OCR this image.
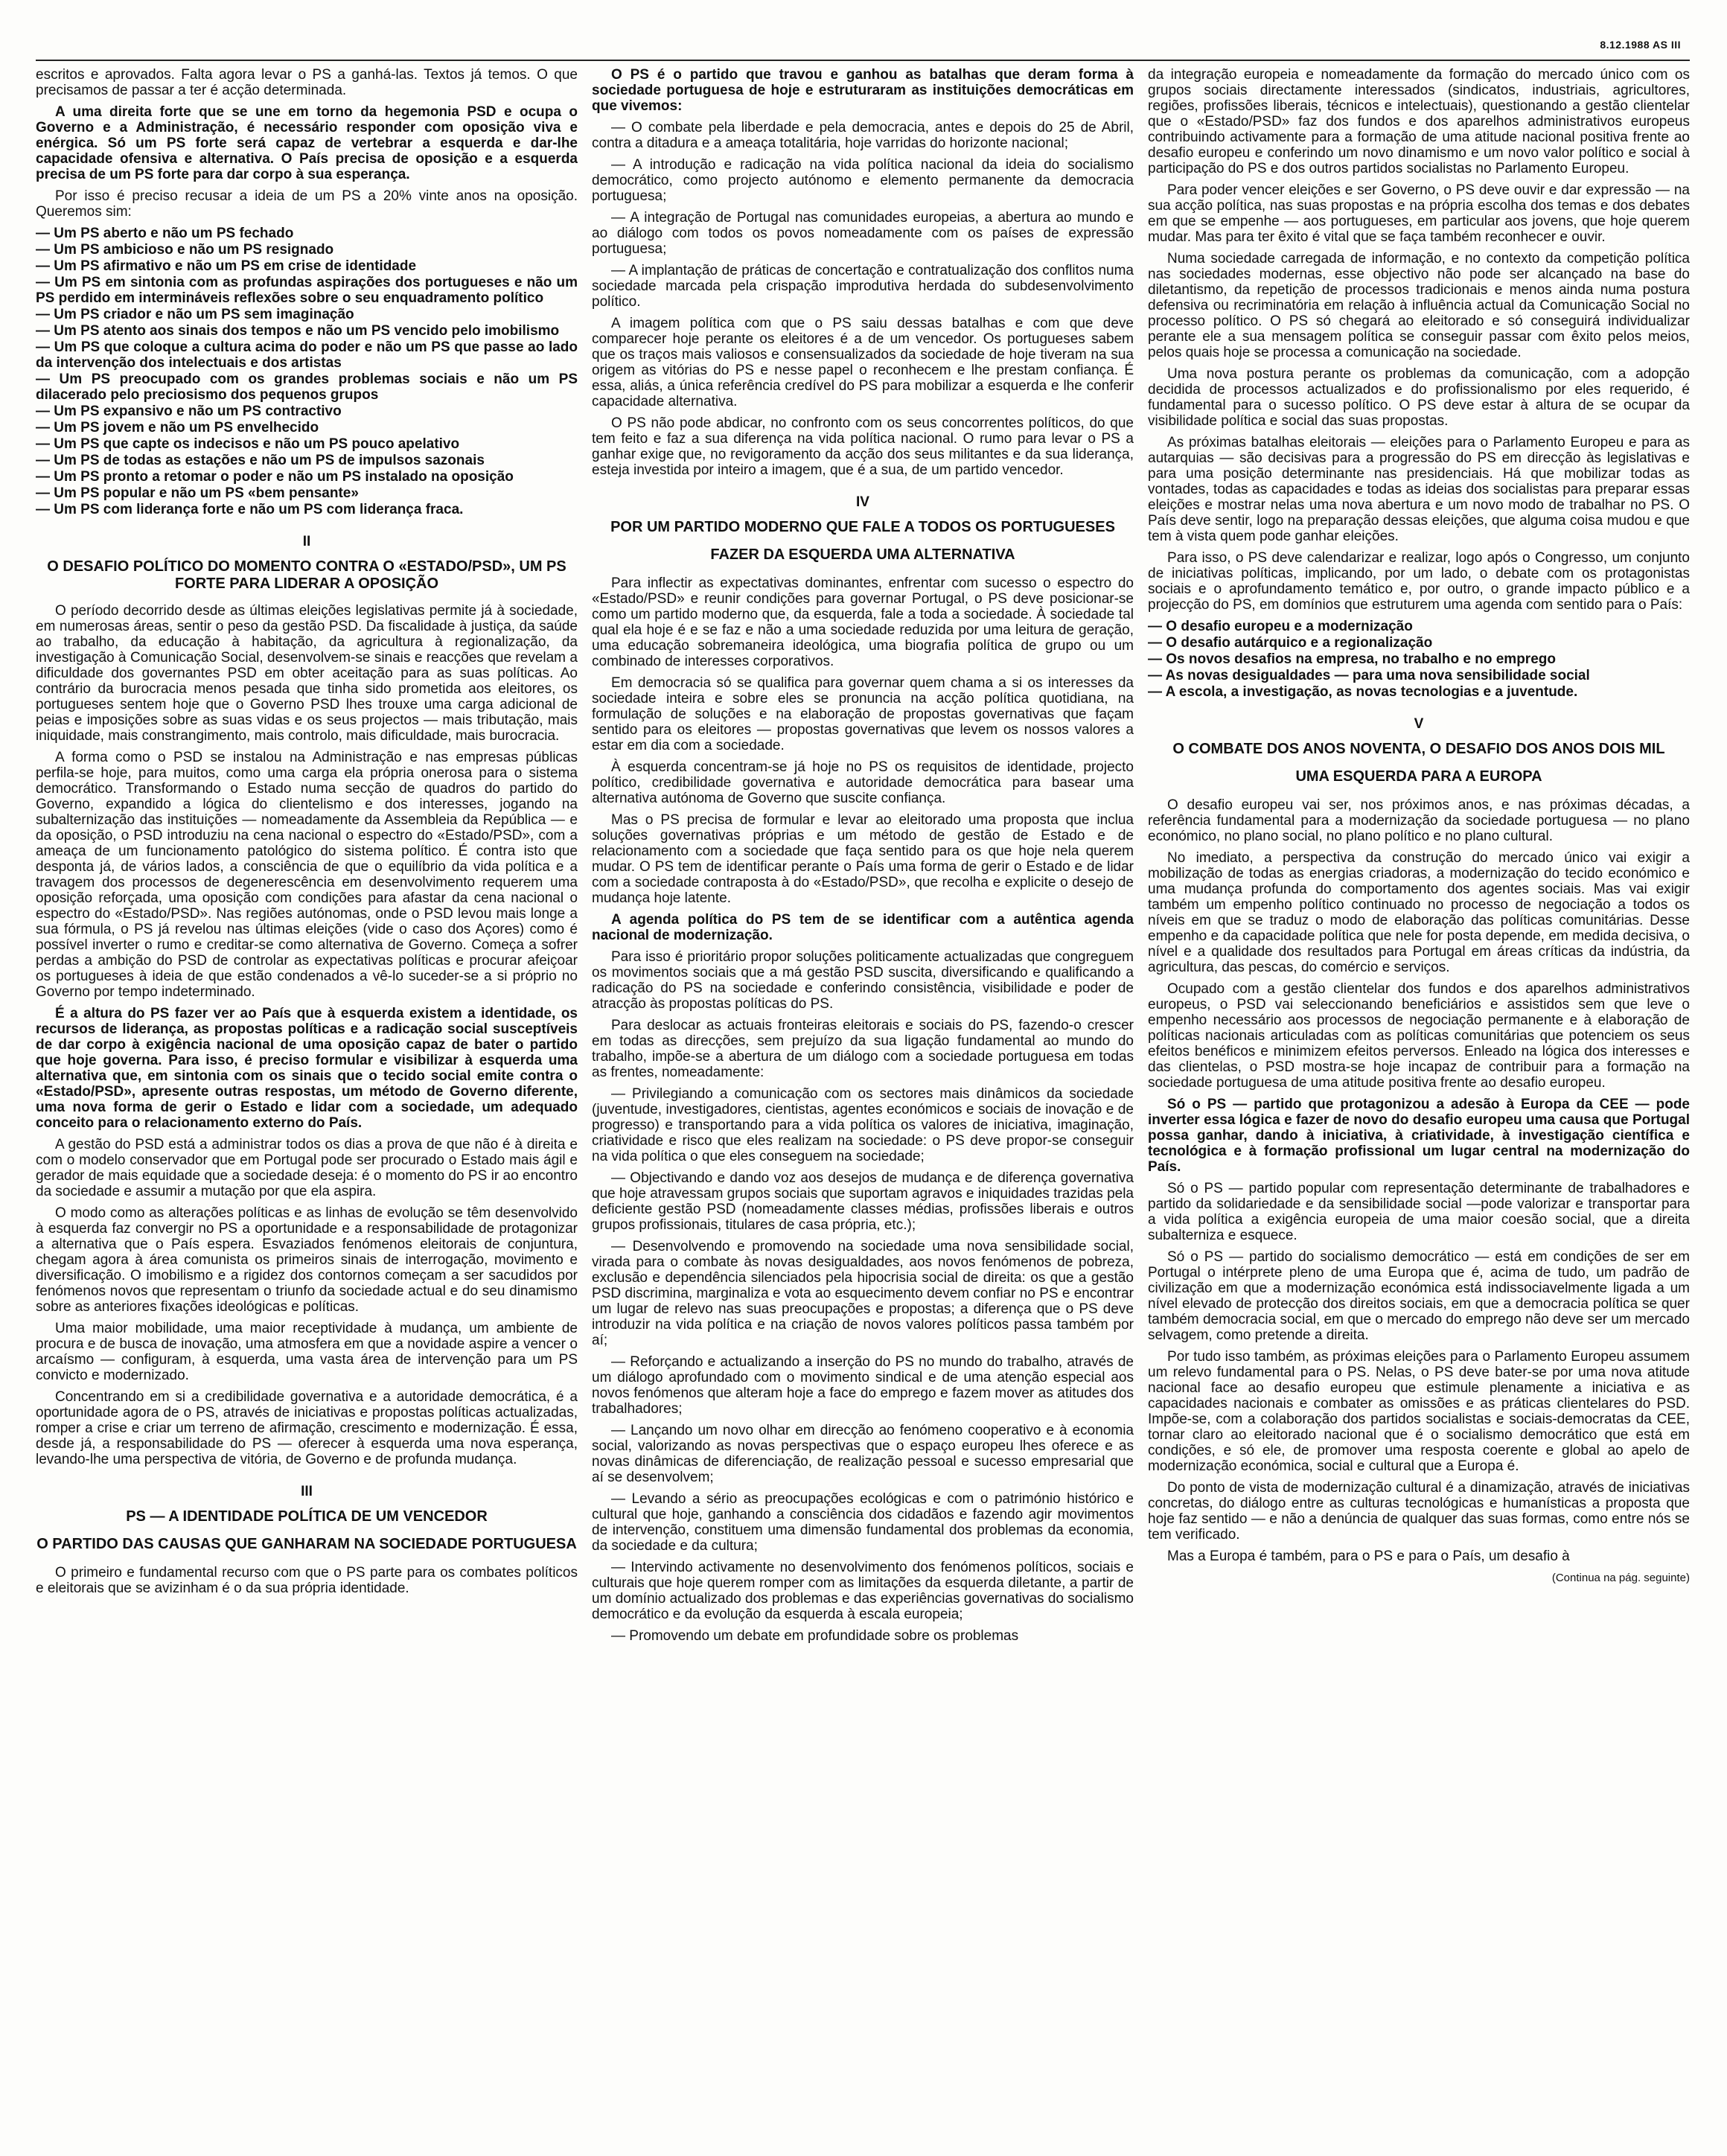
8.12.1988 AS III

escritos e aprovados. Falta agora levar o PS a ganhá-las. Textos já temos. O que precisamos de passar a ter é acção determinada.

A uma direita forte que se une em torno da hegemonia PSD e ocupa o Governo e a Administração, é necessário responder com oposição viva e enérgica. Só um PS forte será capaz de vertebrar a esquerda e dar-lhe capacidade ofensiva e alternativa. O País precisa de oposição e a esquerda precisa de um PS forte para dar corpo à sua esperança.

Por isso é preciso recusar a ideia de um PS a 20% vinte anos na oposição. Queremos sim:

— Um PS aberto e não um PS fechado

— Um PS ambicioso e não um PS resignado

— Um PS afirmativo e não um PS em crise de identidade

— Um PS em sintonia com as profundas aspirações dos portugueses e não um PS perdido em intermináveis reflexões sobre o seu enquadramento político

— Um PS criador e não um PS sem imaginação

— Um PS atento aos sinais dos tempos e não um PS vencido pelo imobilismo

— Um PS que coloque a cultura acima do poder e não um PS que passe ao lado da intervenção dos intelectuais e dos artistas

— Um PS preocupado com os grandes problemas sociais e não um PS dilacerado pelo preciosismo dos pequenos grupos

— Um PS expansivo e não um PS contractivo

— Um PS jovem e não um PS envelhecido

— Um PS que capte os indecisos e não um PS pouco apelativo

— Um PS de todas as estações e não um PS de impulsos sazonais

— Um PS pronto a retomar o poder e não um PS instalado na oposição

— Um PS popular e não um PS «bem pensante»

— Um PS com liderança forte e não um PS com liderança fraca.

II
O DESAFIO POLÍTICO DO MOMENTO CONTRA O «ESTADO/PSD», UM PS FORTE PARA LIDERAR A OPOSIÇÃO

O período decorrido desde as últimas eleições legislativas permite já à sociedade, em numerosas áreas, sentir o peso da gestão PSD. Da fiscalidade à justiça, da saúde ao trabalho, da educação à habitação, da agricultura à regionalização, da investigação à Comunicação Social, desenvolvem-se sinais e reacções que revelam a dificuldade dos governantes PSD em obter aceitação para as suas políticas. Ao contrário da burocracia menos pesada que tinha sido prometida aos eleitores, os portugueses sentem hoje que o Governo PSD lhes trouxe uma carga adicional de peias e imposições sobre as suas vidas e os seus projectos — mais tributação, mais iniquidade, mais constrangimento, mais controlo, mais dificuldade, mais burocracia.

A forma como o PSD se instalou na Administração e nas empresas públicas perfila-se hoje, para muitos, como uma carga ela própria onerosa para o sistema democrático. Transformando o Estado numa secção de quadros do partido do Governo, expandido a lógica do clientelismo e dos interesses, jogando na subalternização das instituições — nomeadamente da Assembleia da República — e da oposição, o PSD introduziu na cena nacional o espectro do «Estado/PSD», com a ameaça de um funcionamento patológico do sistema político. É contra isto que desponta já, de vários lados, a consciência de que o equilíbrio da vida política e a travagem dos processos de degenerescência em desenvolvimento requerem uma oposição reforçada, uma oposição com condições para afastar da cena nacional o espectro do «Estado/PSD». Nas regiões autónomas, onde o PSD levou mais longe a sua fórmula, o PS já revelou nas últimas eleições (vide o caso dos Açores) como é possível inverter o rumo e creditar-se como alternativa de Governo. Começa a sofrer perdas a ambição do PSD de controlar as expectativas políticas e procurar afeiçoar os portugueses à ideia de que estão condenados a vê-lo suceder-se a si próprio no Governo por tempo indeterminado.

É a altura do PS fazer ver ao País que à esquerda existem a identidade, os recursos de liderança, as propostas políticas e a radicação social susceptíveis de dar corpo à exigência nacional de uma oposição capaz de bater o partido que hoje governa. Para isso, é preciso formular e visibilizar à esquerda uma alternativa que, em sintonia com os sinais que o tecido social emite contra o «Estado/PSD», apresente outras respostas, um método de Governo diferente, uma nova forma de gerir o Estado e lidar com a sociedade, um adequado conceito para o relacionamento externo do País.

A gestão do PSD está a administrar todos os dias a prova de que não é à direita e com o modelo conservador que em Portugal pode ser procurado o Estado mais ágil e gerador de mais equidade que a sociedade deseja: é o momento do PS ir ao encontro da sociedade e assumir a mutação por que ela aspira.

O modo como as alterações políticas e as linhas de evolução se têm desenvolvido à esquerda faz convergir no PS a oportunidade e a responsabilidade de protagonizar a alternativa que o País espera. Esvaziados fenómenos eleitorais de conjuntura, chegam agora à área comunista os primeiros sinais de interrogação, movimento e diversificação. O imobilismo e a rigidez dos contornos começam a ser sacudidos por fenómenos novos que representam o triunfo da sociedade actual e do seu dinamismo sobre as anteriores fixações ideológicas e políticas.

Uma maior mobilidade, uma maior receptividade à mudança, um ambiente de procura e de busca de inovação, uma atmosfera em que a novidade aspire a vencer o arcaísmo — configuram, à esquerda, uma vasta área de intervenção para um PS convicto e modernizado.

Concentrando em si a credibilidade governativa e a autoridade democrática, é a oportunidade agora de o PS, através de iniciativas e propostas políticas actualizadas, romper a crise e criar um terreno de afirmação, crescimento e modernização. É essa, desde já, a responsabilidade do PS — oferecer à esquerda uma nova esperança, levando-lhe uma perspectiva de vitória, de Governo e de profunda mudança.

III
PS — A IDENTIDADE POLÍTICA DE UM VENCEDOR
O PARTIDO DAS CAUSAS QUE GANHARAM NA SOCIEDADE PORTUGUESA

O primeiro e fundamental recurso com que o PS parte para os combates políticos e eleitorais que se avizinham é o da sua própria identidade.

O PS é o partido que travou e ganhou as batalhas que deram forma à sociedade portuguesa de hoje e estruturaram as instituições democráticas em que vivemos:

— O combate pela liberdade e pela democracia, antes e depois do 25 de Abril, contra a ditadura e a ameaça totalitária, hoje varridas do horizonte nacional;

— A introdução e radicação na vida política nacional da ideia do socialismo democrático, como projecto autónomo e elemento permanente da democracia portuguesa;

— A integração de Portugal nas comunidades europeias, a abertura ao mundo e ao diálogo com todos os povos nomeadamente com os países de expressão portuguesa;

— A implantação de práticas de concertação e contratualização dos conflitos numa sociedade marcada pela crispação improdutiva herdada do subdesenvolvimento político.

A imagem política com que o PS saiu dessas batalhas e com que deve comparecer hoje perante os eleitores é a de um vencedor. Os portugueses sabem que os traços mais valiosos e consensualizados da sociedade de hoje tiveram na sua origem as vitórias do PS e nesse papel o reconhecem e lhe prestam confiança. É essa, aliás, a única referência credível do PS para mobilizar a esquerda e lhe conferir capacidade alternativa.

O PS não pode abdicar, no confronto com os seus concorrentes políticos, do que tem feito e faz a sua diferença na vida política nacional. O rumo para levar o PS a ganhar exige que, no revigoramento da acção dos seus militantes e da sua liderança, esteja investida por inteiro a imagem, que é a sua, de um partido vencedor.

IV
POR UM PARTIDO MODERNO QUE FALE A TODOS OS PORTUGUESES
FAZER DA ESQUERDA UMA ALTERNATIVA

Para inflectir as expectativas dominantes, enfrentar com sucesso o espectro do «Estado/PSD» e reunir condições para governar Portugal, o PS deve posicionar-se como um partido moderno que, da esquerda, fale a toda a sociedade. À sociedade tal qual ela hoje é e se faz e não a uma sociedade reduzida por uma leitura de geração, uma educação sobremaneira ideológica, uma biografia política de grupo ou um combinado de interesses corporativos.

Em democracia só se qualifica para governar quem chama a si os interesses da sociedade inteira e sobre eles se pronuncia na acção política quotidiana, na formulação de soluções e na elaboração de propostas governativas que façam sentido para os eleitores — propostas governativas que levem os nossos valores a estar em dia com a sociedade.

À esquerda concentram-se já hoje no PS os requisitos de identidade, projecto político, credibilidade governativa e autoridade democrática para basear uma alternativa autónoma de Governo que suscite confiança.

Mas o PS precisa de formular e levar ao eleitorado uma proposta que inclua soluções governativas próprias e um método de gestão de Estado e de relacionamento com a sociedade que faça sentido para os que hoje nela querem mudar. O PS tem de identificar perante o País uma forma de gerir o Estado e de lidar com a sociedade contraposta à do «Estado/PSD», que recolha e explicite o desejo de mudança hoje latente.

A agenda política do PS tem de se identificar com a autêntica agenda nacional de modernização.

Para isso é prioritário propor soluções politicamente actualizadas que congreguem os movimentos sociais que a má gestão PSD suscita, diversificando e qualificando a radicação do PS na sociedade e conferindo consistência, visibilidade e poder de atracção às propostas políticas do PS.

Para deslocar as actuais fronteiras eleitorais e sociais do PS, fazendo-o crescer em todas as direcções, sem prejuízo da sua ligação fundamental ao mundo do trabalho, impõe-se a abertura de um diálogo com a sociedade portuguesa em todas as frentes, nomeadamente:

— Privilegiando a comunicação com os sectores mais dinâmicos da sociedade (juventude, investigadores, cientistas, agentes económicos e sociais de inovação e de progresso) e transportando para a vida política os valores de iniciativa, imaginação, criatividade e risco que eles realizam na sociedade: o PS deve propor-se conseguir na vida política o que eles conseguem na sociedade;

— Objectivando e dando voz aos desejos de mudança e de diferença governativa que hoje atravessam grupos sociais que suportam agravos e iniquidades trazidas pela deficiente gestão PSD (nomeadamente classes médias, profissões liberais e outros grupos profissionais, titulares de casa própria, etc.);

— Desenvolvendo e promovendo na sociedade uma nova sensibilidade social, virada para o combate às novas desigualdades, aos novos fenómenos de pobreza, exclusão e dependência silenciados pela hipocrisia social de direita: os que a gestão PSD discrimina, marginaliza e vota ao esquecimento devem confiar no PS e encontrar um lugar de relevo nas suas preocupações e propostas; a diferença que o PS deve introduzir na vida política e na criação de novos valores políticos passa também por aí;

— Reforçando e actualizando a inserção do PS no mundo do trabalho, através de um diálogo aprofundado com o movimento sindical e de uma atenção especial aos novos fenómenos que alteram hoje a face do emprego e fazem mover as atitudes dos trabalhadores;

— Lançando um novo olhar em direcção ao fenómeno cooperativo e à economia social, valorizando as novas perspectivas que o espaço europeu lhes oferece e as novas dinâmicas de diferenciação, de realização pessoal e sucesso empresarial que aí se desenvolvem;

— Levando a sério as preocupações ecológicas e com o património histórico e cultural que hoje, ganhando a consciência dos cidadãos e fazendo agir movimentos de intervenção, constituem uma dimensão fundamental dos problemas da economia, da sociedade e da cultura;

— Intervindo activamente no desenvolvimento dos fenómenos políticos, sociais e culturais que hoje querem romper com as limitações da esquerda diletante, a partir de um domínio actualizado dos problemas e das experiências governativas do socialismo democrático e da evolução da esquerda à escala europeia;

— Promovendo um debate em profundidade sobre os problemas

da integração europeia e nomeadamente da formação do mercado único com os grupos sociais directamente interessados (sindicatos, industriais, agricultores, regiões, profissões liberais, técnicos e intelectuais), questionando a gestão clientelar que o «Estado/PSD» faz dos fundos e dos aparelhos administrativos europeus contribuindo activamente para a formação de uma atitude nacional positiva frente ao desafio europeu e conferindo um novo dinamismo e um novo valor político e social à participação do PS e dos outros partidos socialistas no Parlamento Europeu.

Para poder vencer eleições e ser Governo, o PS deve ouvir e dar expressão — na sua acção política, nas suas propostas e na própria escolha dos temas e dos debates em que se empenhe — aos portugueses, em particular aos jovens, que hoje querem mudar. Mas para ter êxito é vital que se faça também reconhecer e ouvir.

Numa sociedade carregada de informação, e no contexto da competição política nas sociedades modernas, esse objectivo não pode ser alcançado na base do diletantismo, da repetição de processos tradicionais e menos ainda numa postura defensiva ou recriminatória em relação à influência actual da Comunicação Social no processo político. O PS só chegará ao eleitorado e só conseguirá individualizar perante ele a sua mensagem política se conseguir passar com êxito pelos meios, pelos quais hoje se processa a comunicação na sociedade.

Uma nova postura perante os problemas da comunicação, com a adopção decidida de processos actualizados e do profissionalismo por eles requerido, é fundamental para o sucesso político. O PS deve estar à altura de se ocupar da visibilidade política e social das suas propostas.

As próximas batalhas eleitorais — eleições para o Parlamento Europeu e para as autarquias — são decisivas para a progressão do PS em direcção às legislativas e para uma posição determinante nas presidenciais. Há que mobilizar todas as vontades, todas as capacidades e todas as ideias dos socialistas para preparar essas eleições e mostrar nelas uma nova abertura e um novo modo de trabalhar no PS. O País deve sentir, logo na preparação dessas eleições, que alguma coisa mudou e que tem à vista quem pode ganhar eleições.

Para isso, o PS deve calendarizar e realizar, logo após o Congresso, um conjunto de iniciativas políticas, implicando, por um lado, o debate com os protagonistas sociais e o aprofundamento temático e, por outro, o grande impacto público e a projecção do PS, em domínios que estruturem uma agenda com sentido para o País:

— O desafio europeu e a modernização

— O desafio autárquico e a regionalização

— Os novos desafios na empresa, no trabalho e no emprego

— As novas desigualdades — para uma nova sensibilidade social

— A escola, a investigação, as novas tecnologias e a juventude.

V
O COMBATE DOS ANOS NOVENTA, O DESAFIO DOS ANOS DOIS MIL
UMA ESQUERDA PARA A EUROPA

O desafio europeu vai ser, nos próximos anos, e nas próximas décadas, a referência fundamental para a modernização da sociedade portuguesa — no plano económico, no plano social, no plano político e no plano cultural.

No imediato, a perspectiva da construção do mercado único vai exigir a mobilização de todas as energias criadoras, a modernização do tecido económico e uma mudança profunda do comportamento dos agentes sociais. Mas vai exigir também um empenho político continuado no processo de negociação a todos os níveis em que se traduz o modo de elaboração das políticas comunitárias. Desse empenho e da capacidade política que nele for posta depende, em medida decisiva, o nível e a qualidade dos resultados para Portugal em áreas críticas da indústria, da agricultura, das pescas, do comércio e serviços.

Ocupado com a gestão clientelar dos fundos e dos aparelhos administrativos europeus, o PSD vai seleccionando beneficiários e assistidos sem que leve o empenho necessário aos processos de negociação permanente e à elaboração de políticas nacionais articuladas com as políticas comunitárias que potenciem os seus efeitos benéficos e minimizem efeitos perversos. Enleado na lógica dos interesses e das clientelas, o PSD mostra-se hoje incapaz de contribuir para a formação na sociedade portuguesa de uma atitude positiva frente ao desafio europeu.

Só o PS — partido que protagonizou a adesão à Europa da CEE — pode inverter essa lógica e fazer de novo do desafio europeu uma causa que Portugal possa ganhar, dando à iniciativa, à criatividade, à investigação científica e tecnológica e à formação profissional um lugar central na modernização do País.

Só o PS — partido popular com representação determinante de trabalhadores e partido da solidariedade e da sensibilidade social —pode valorizar e transportar para a vida política a exigência europeia de uma maior coesão social, que a direita subalterniza e esquece.

Só o PS — partido do socialismo democrático — está em condições de ser em Portugal o intérprete pleno de uma Europa que é, acima de tudo, um padrão de civilização em que a modernização económica está indissociavelmente ligada a um nível elevado de protecção dos direitos sociais, em que a democracia política se quer também democracia social, em que o mercado do emprego não deve ser um mercado selvagem, como pretende a direita.

Por tudo isso também, as próximas eleições para o Parlamento Europeu assumem um relevo fundamental para o PS. Nelas, o PS deve bater-se por uma nova atitude nacional face ao desafio europeu que estimule plenamente a iniciativa e as capacidades nacionais e combater as omissões e as práticas clientelares do PSD. Impõe-se, com a colaboração dos partidos socialistas e sociais-democratas da CEE, tornar claro ao eleitorado nacional que é o socialismo democrático que está em condições, e só ele, de promover uma resposta coerente e global ao apelo de modernização económica, social e cultural que a Europa é.

Do ponto de vista de modernização cultural é a dinamização, através de iniciativas concretas, do diálogo entre as culturas tecnológicas e humanísticas a proposta que hoje faz sentido — e não a denúncia de qualquer das suas formas, como entre nós se tem verificado.

Mas a Europa é também, para o PS e para o País, um desafio à

(Continua na pág. seguinte)
